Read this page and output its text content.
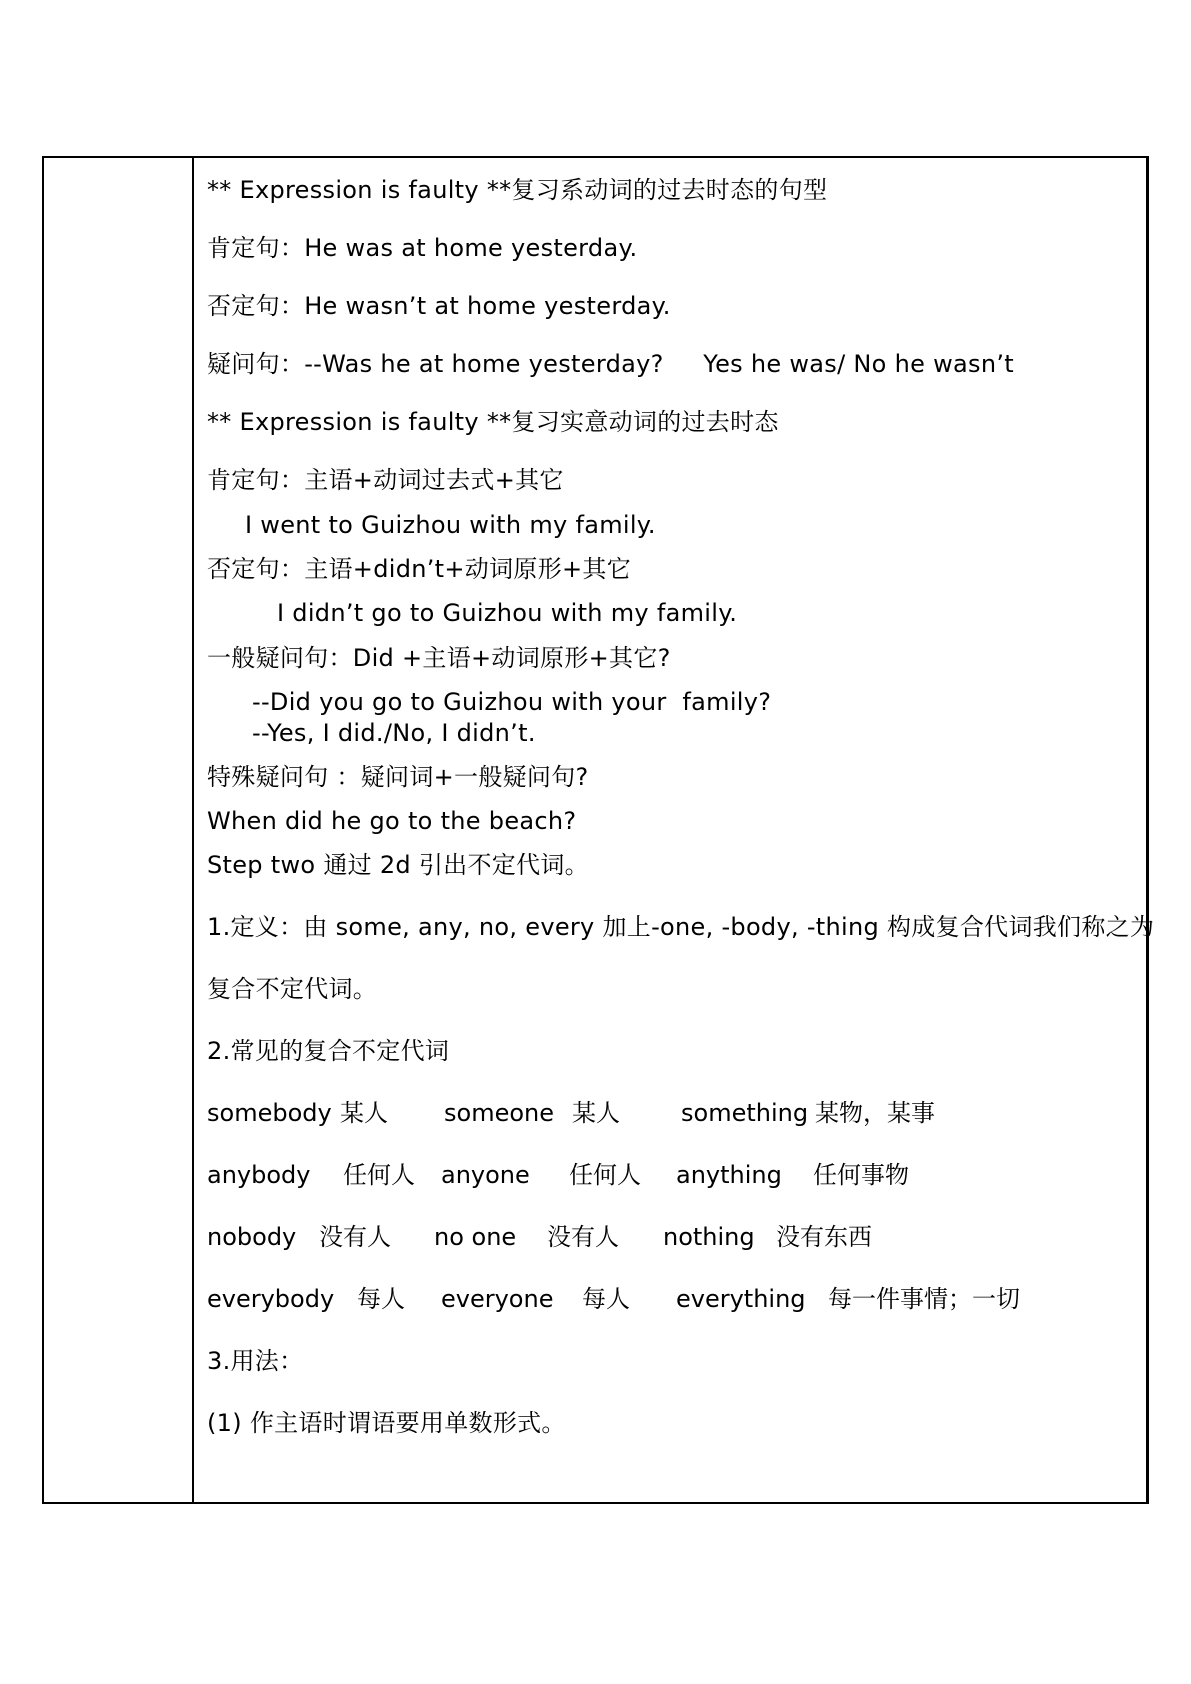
** Expression is faulty **复习系动词的过去时态的句型
肯定句：He was at home yesterday.
否定句：He wasn’t at home yesterday.
疑问句：--Was he at home yesterday?     Yes he was/ No he wasn’t
** Expression is faulty **复习实意动词的过去时态
肯定句：主语+动词过去式+其它
I went to Guizhou with my family.
否定句：主语+didn’t+动词原形+其它
I didn’t go to Guizhou with my family.
一般疑问句：Did +主语+动词原形+其它?
--Did you go to Guizhou with your  family?
--Yes, I did./No, I didn’t.
特殊疑问句 ：疑问词+一般疑问句?
When did he go to the beach?
Step two 通过 2d 引出不定代词。
1.定义：由 some, any, no, every 加上-one, -body, -thing 构成复合代词我们称之为
复合不定代词。
2.常见的复合不定代词
somebody 某人 someone 某人	something 某物，某事
anybody 任何人 anyone 任何人 anything 任何事物
nobody 没有人 no one 没有人 nothing 没有东西
everybody 每人 everyone 每人 everything 每一件事情；一切
3.用法：
(1) 作主语时谓语要用单数形式。
